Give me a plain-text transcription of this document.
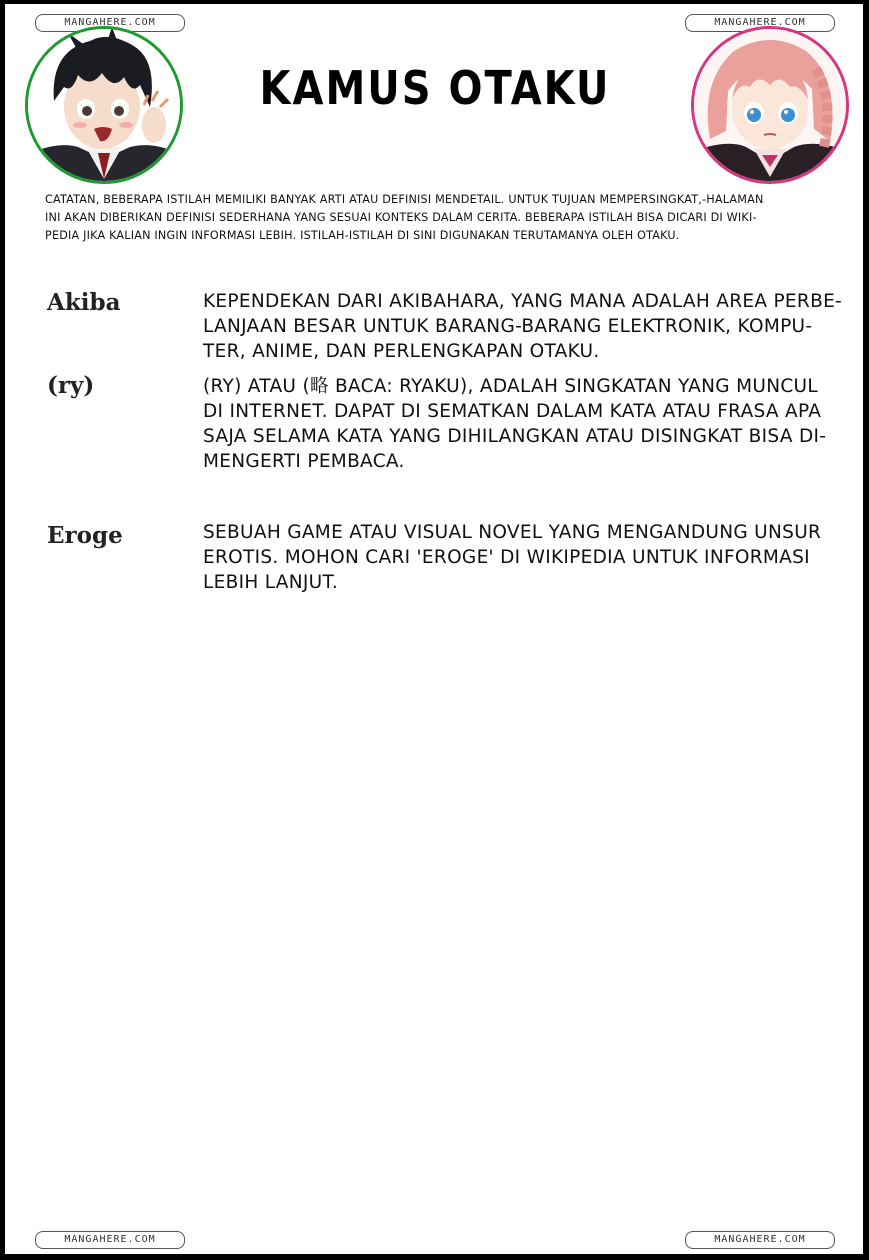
MANGAHERE.COM	MANGAHERE.COM
MANGAHERE.COM	MANGAHERE.COM
KAMUS OTAKU
CATATAN, BEBERAPA ISTILAH MEMILIKI BANYAK ARTI ATAU DEFINISI MENDETAIL. UNTUK TUJUAN MEMPERSINGKAT,-HALAMAN
INI AKAN DIBERIKAN DEFINISI SEDERHANA YANG SESUAI KONTEKS DALAM CERITA. BEBERAPA ISTILAH BISA DICARI DI WIKI-
PEDIA JIKA KALIAN INGIN INFORMASI LEBIH. ISTILAH-ISTILAH DI SINI DIGUNAKAN TERUTAMANYA OLEH OTAKU.
Akiba	KEPENDEKAN DARI AKIBAHARA, YANG MANA ADALAH AREA PERBE-
LANJAAN BESAR UNTUK BARANG-BARANG ELEKTRONIK, KOMPU-
TER, ANIME, DAN PERLENGKAPAN OTAKU.
(ry)	(RY) ATAU (略 BACA: RYAKU), ADALAH SINGKATAN YANG MUNCUL
DI INTERNET. DAPAT DI SEMATKAN DALAM KATA ATAU FRASA APA
SAJA SELAMA KATA YANG DIHILANGKAN ATAU DISINGKAT BISA DI-
MENGERTI PEMBACA.
Eroge	SEBUAH GAME ATAU VISUAL NOVEL YANG MENGANDUNG UNSUR
EROTIS. MOHON CARI 'EROGE' DI WIKIPEDIA UNTUK INFORMASI
LEBIH LANJUT.
